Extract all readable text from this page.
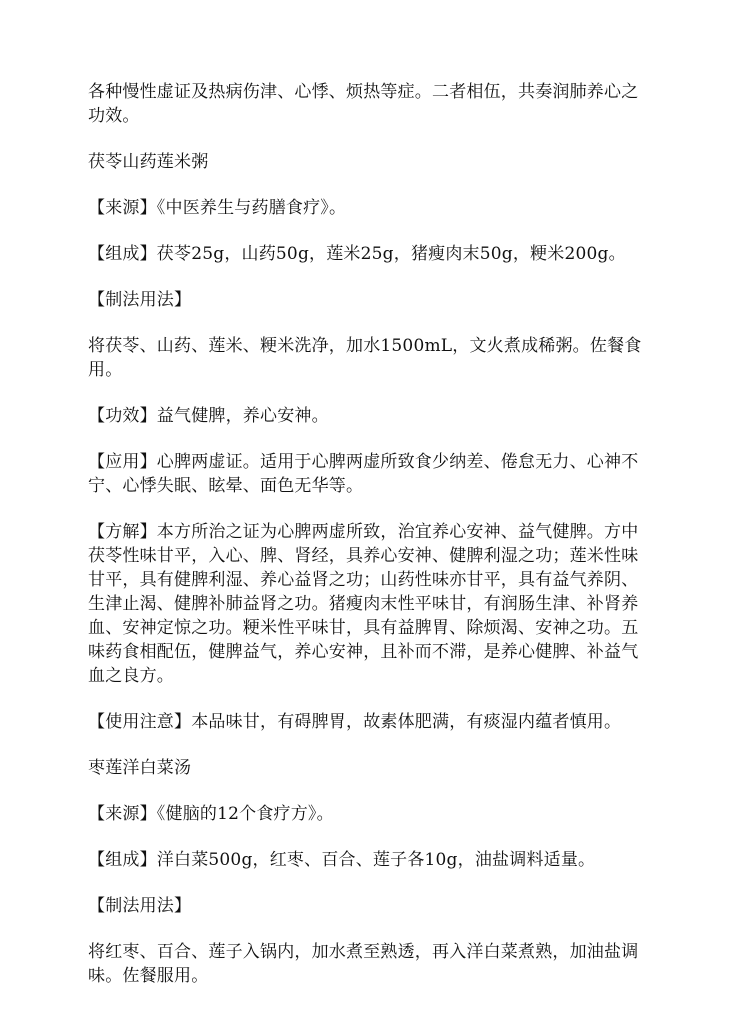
各种慢性虚证及热病伤津、心悸、烦热等症。二者相伍，共奏润肺养心之功效。

茯苓山药莲米粥

【来源】《中医养生与药膳食疗》。

【组成】茯苓25g，山药50g，莲米25g，猪瘦肉末50g，粳米200g。

【制法用法】

将茯苓、山药、莲米、粳米洗净，加水1500mL，文火煮成稀粥。佐餐食用。

【功效】益气健脾，养心安神。

【应用】心脾两虚证。适用于心脾两虚所致食少纳差、倦怠无力、心神不宁、心悸失眠、眩晕、面色无华等。

【方解】本方所治之证为心脾两虚所致，治宜养心安神、益气健脾。方中茯苓性味甘平，入心、脾、肾经，具养心安神、健脾利湿之功；莲米性味甘平，具有健脾利湿、养心益肾之功；山药性味亦甘平，具有益气养阴、生津止渴、健脾补肺益肾之功。猪瘦肉末性平味甘，有润肠生津、补肾养血、安神定惊之功。粳米性平味甘，具有益脾胃、除烦渴、安神之功。五味药食相配伍，健脾益气，养心安神，且补而不滞，是养心健脾、补益气血之良方。

【使用注意】本品味甘，有碍脾胃，故素体肥满，有痰湿内蕴者慎用。

枣莲洋白菜汤

【来源】《健脑的12个食疗方》。

【组成】洋白菜500g，红枣、百合、莲子各10g，油盐调料适量。

【制法用法】

将红枣、百合、莲子入锅内，加水煮至熟透，再入洋白菜煮熟，加油盐调味。佐餐服用。
